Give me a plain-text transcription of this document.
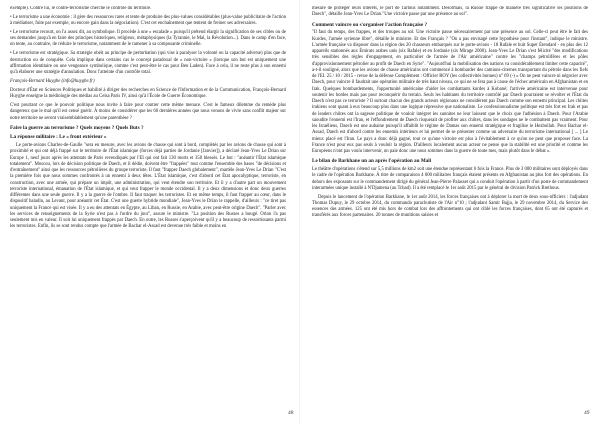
exemple). Contre lui, le contre-terrorisme cherche le contrôle du territoire.

• Le terrorisme a une économie : il gère des ressources rares et tente de produire des plus-values considérables (plus-value publicitaire de l'action à médiatiser, fuite par exemple, ou encore gain dans la négociation). C'est cet enchaînement que tentent de freiner ses adversaires.

• Le terrorisme recourt, on l'a assez dit, au symbolique. Il procède à une « escalade » puisqu'il prétend élargir la signification de ses cibles ou de ses demandes jusqu'à en faire des principes historiques, religieux, métaphysiques (la Tyrannie, le Mal, la Révolution...). Dans le camp d'en face, on tente, au contraire, de réduire le terrorisme, notamment de le ramener à sa composante criminelle.

• Le terrorisme est stratégique. Sa stratégie obéit au principe de perturbation (qui vise à paralyser la volonté ou la capacité adverse) plus que de destruction ou de conquête. Cela implique dans certains cas le concept paradoxal de « non-victoire » (lorsque son but est uniquement une affirmation identitaire ou une vengeance symbolique, comme c'est peut-être le cas pour Ben Laden). Face à cela, il ne reste plus à son ennemi qu'à élaborer une stratégie d'annulation. Donc l'atteinte d'un contrôle total.

François-Bernard Huyghe (info@huyghe.fr)

Docteur d'État en Sciences Politiques et habilité à diriger des recherches en Science de l'Information et de la Communication, François-Bernard Huyghe enseigne la médiologie des médias au Celsa Paris IV, ainsi qu'à l'École de Guerre Économique.

C'est pourtant ce que le pouvoir politique nous invite à faire pour contrer cette même menace. C'est le fameux dilemme du remède plus dangereux que le mal qu'il est censé guérir. À moins de considérer que les 60 dernières années que nous venons de vivre sans conflit majeur sur notre territoire ne seront vraisemblablement qu'une parenthèse ?

Faire la guerre au terrorisme ? Quels moyens ? Quels Buts ?
La réponse militaire : Le « front extérieur »

Le porte-avions Charles-de-Gaulle "sera en mesure, avec les avions de chasse qui sont à bord, complétés par les avions de chasse qui sont à proximité et qui ont déjà frappé sur le territoire de l'État islamique (forces déjà parties de Jordanie [Janvier]), a déclaré Jean-Yves Le Drian sur Europe 1, neuf jours après les attentats de Paris revendiqués par l'EI qui ont fait 130 morts et 350 blessés. Le but : "anéantir l'État islamique totalement". Moscou, lors de décision politique de Daech, et il dédie, doivent être "frappées" tout comme l'ensemble des bases "de décisions et d'entraînement" ainsi que les ressources pétrolières du groupe terroriste. Il faut "frapper Daech globalement", martèle Jean-Yves Le Drian "C'est la première fois que nous sommes confrontés à un ennemi à deux têtes. L'État islamique, c'est d'abord cet État apocalyptique, terroriste, en construction, avec une armée, qui prépare un impôt, une administration, qui veut étendre son territoire. Et il y a d'autre part un mouvement terroriste international, émanation de l'État islamique, et qui veut frapper le monde occidental. Il y a deux dimensions et donc deux guerres différentes dans une seule guerre. Il y a la guerre de l'ombre. Il faut traquer les terroristes. Et en même temps, il faut frapper au cœur, dans le dispositif baladin, au Levant, pour anéantir cet État. C'est une guerre hybride mondiale", Jean-Yves le Drian le rappelle, d'ailleurs : "ce tiret pas uniquement la France qui est visée. Il y a eu des attentats en Égypte, au Liban, en Russie, en Arabie, avec peut-être origine Daech". "Parler avec les services de renseignements de la Syrie n'est pas à l'ordre du jour", assure le ministre. "La position des Russes a bougé. Orion l'a pas seulement mis en valeur. Il soit lui uniquement frappés par Daech. En outre, les Russes s'aperçoivent qu'il y a beaucoup de ressortissants parmi les terroristes. Enfin, ils se sont rendus compte que l'armée de Bachar el-Assad est devenue très faible et moins en

mesure de protéger leurs intérêts, le port de Tartous notamment. Désormais, la Russie frappe de manière très significative les positions de Daech", détaille Jean-Yves Le Drian."Une victoire passe par une présence au sol".

Comment vaincre ou s'organiser l'action française ?

"Il faut du temps, des frappes, et des troupes au sol. Une victoire passe nécessairement par une présence au sol. Celle-ci peut être le fait des Kurdes, l'armée syrienne libre", détaille le ministre. Et des Français ? "On a pas envisagé cette hypothèse pour l'instant", indique le ministre. L'armée française va disposer dans la région des 20 chasseurs embarqués sur le porte-avions - 18 Rafale et huit Super Étendard - en plus des 12 appareils stationnés aux Émirats arabes unis (six Rafale) et en Jordanie (six Mirage 2000). Jean-Yves Le Drian s'est félicité "des modifications très sensibles des règles d'engagement, en particulier de l'armée de l'Air américaine" contre les "champs pétrolifères et les pôles d'approvisionnement pétrolier au profit de Daech en Syrie". "Aujourd'hui la mobilisation des nations va considérablement limiter cette capacité", a-t-il souligné, alors que les avions de chasse américains ont commencé à bombarder des camions-citernes transportant du pétrole dans les fiefs de l'EI. 25 / 10 / 2015 - revue de la défense Complément : Officier ROY (les collectivités bonnes) n° 69 (-) « On ne peut vaincre ni négocier avec Daech, pour vaincre il faudrait une opération militaire de très haut niveau, ce qui ne se fera pas à cause de l'échec américain en Afghanistan et en Irak. Quelques bombardements, l'opportunité américaine d'aider les combattants kurdes à Kobané; l'arrivée américaine est intervenue pour soutenir les hordes mais pas pour reconquérir du terrain. Seuls les habitants du territoire contrôlé par Daech pourraient se révolter et l'État du Daech n'est pas ce terroriste ? Il surtout chacun des grands acteurs régionaux ne considèrent pas Daech comme son ennemi principal. Les chiites irakiens sont quant à eux beaucoup plus dans une logique répressive que nationaliste. Le confessionnalisme politique est très fort en Irak et pas de leaders chiites ont la sagesse politique de vouloir intégrer les sunnites ne leur laissent que le choix que l'adhésion à Daech. Pour l'Arabie saoudite l'ennemi est l'Iran, et l'effondrement de Daech risquerait de profiter aux chiites, dans les sondages ne le combattent pas vraiment. Pour les Israéliens, Daech est une aubaine puisqu'il affaiblit le régime de Damas son ennemi stratégique et fragilise le Hezbollah. Pour Bachar el-Assad, Daech est d'abord contre les ennemis intérieurs et lui permet de se présenter comme un adversaire du terrorisme international [ ... ] Le mieux placé est l'Iran. Le pays a donc déjà gagné, tout ce qu'une victoire est plus à l'évitablement à ce qu'on ne peut que proposer face. La France n'est pour eux pas seuls à vouloir la région. D'ailleurs localement aucun acteur ne pense que la stabilité est une priorité et comme les Européens n'ont pas voulu intervenir, on paie donc une nous sommes dans la guerre de toute mes, mais plutôt dans le débat ».

Le bilan de Barkhane un an après l'opération au Mali

Le théâtre d'opérations s'étend sur 5,5 millions de km2 soit une étendue représentant 6 fois la France. Plus de 3 000 militaires sont déployés dans le cadre de l'opération Barkhane. À titre de comparaison 4 000 militaires français étaient présents en Afghanistan au plus fort des opérations. En dehors des exposants sur le commandement dirigé du général Jean-Pierre Palasset qui a conduit l'opération à partir d'un poste de commandement interarmées unique installé à N'Djamena (au Tchad). Il a été remplacé le 1er août 2015 par le général de division Patrick Brethous.

Depuis le lancement de l'opération Barkhane, le 1er août 2014, les forces françaises ont à déplorer la mort de deux sous-officiers : l'adjudant Thomas Dupuy, le 29 octobre 2014, du commando parachutiste de l'Air n°10 ; l'adjudant Samir Bajja, le 29 novembre 2014, du Service des essences des armées. 125 ont été mis hors de combat lors des affrontements qui ont ciblé les forces françaises, dont 65 ont été capturés et transférés aux forces partenaires. 20 tonnes de munitions saisies et

48	49
